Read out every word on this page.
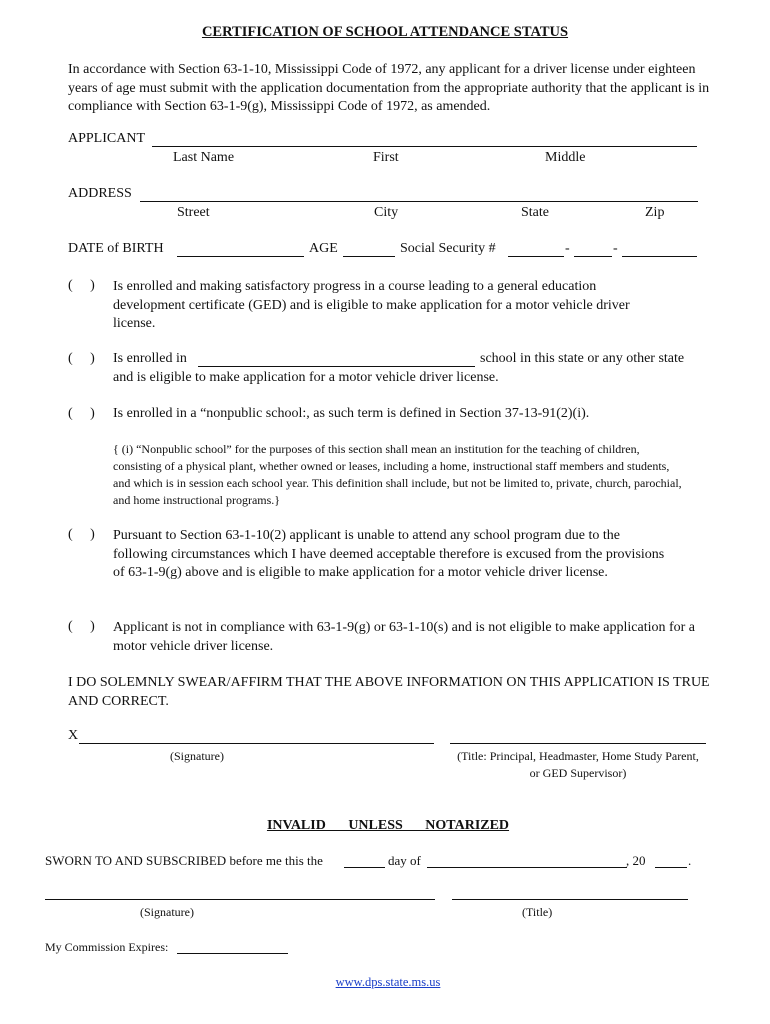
CERTIFICATION OF SCHOOL ATTENDANCE STATUS
In accordance with Section 63-1-10, Mississippi Code of 1972, any applicant for a driver license under eighteen years of age must submit with the application documentation from the appropriate authority that the applicant is in compliance with Section 63-1-9(g), Mississippi Code of 1972, as amended.
APPLICANT
Last Name	First	Middle
ADDRESS
Street	City	State	Zip
DATE of BIRTH	AGE	Social Security #	-	-
(     ) Is enrolled and making satisfactory progress in a course leading to a general education development certificate (GED) and is eligible to make application for a motor vehicle driver license.
(     ) Is enrolled in	school in this state or any other state
and is eligible to make application for a motor vehicle driver license.
(     ) Is enrolled in a “nonpublic school:, as such term is defined in Section 37-13-91(2)(i).
{ (i) “Nonpublic school” for the purposes of this section shall mean an institution for the teaching of children, consisting of a physical plant, whether owned or leases, including a home, instructional staff members and students, and which is in session each school year. This definition shall include, but not be limited to, private, church, parochial, and home instructional programs.}
(     ) Pursuant to Section 63-1-10(2) applicant is unable to attend any school program due to the following circumstances which I have deemed acceptable therefore is excused from the provisions of 63-1-9(g) above and is eligible to make application for a motor vehicle driver license.
(     ) Applicant is not in compliance with 63-1-9(g) or 63-1-10(s) and is not eligible to make application for a motor vehicle driver license.
I DO SOLEMNLY SWEAR/AFFIRM THAT THE ABOVE INFORMATION ON THIS APPLICATION IS TRUE AND CORRECT.
X
(Signature)	(Title: Principal, Headmaster, Home Study Parent,
or GED Supervisor)
INVALID   UNLESS   NOTARIZED
SWORN TO AND SUBSCRIBED before me this the	day of	, 20	.
(Signature)	(Title)
My Commission Expires:
www.dps.state.ms.us
